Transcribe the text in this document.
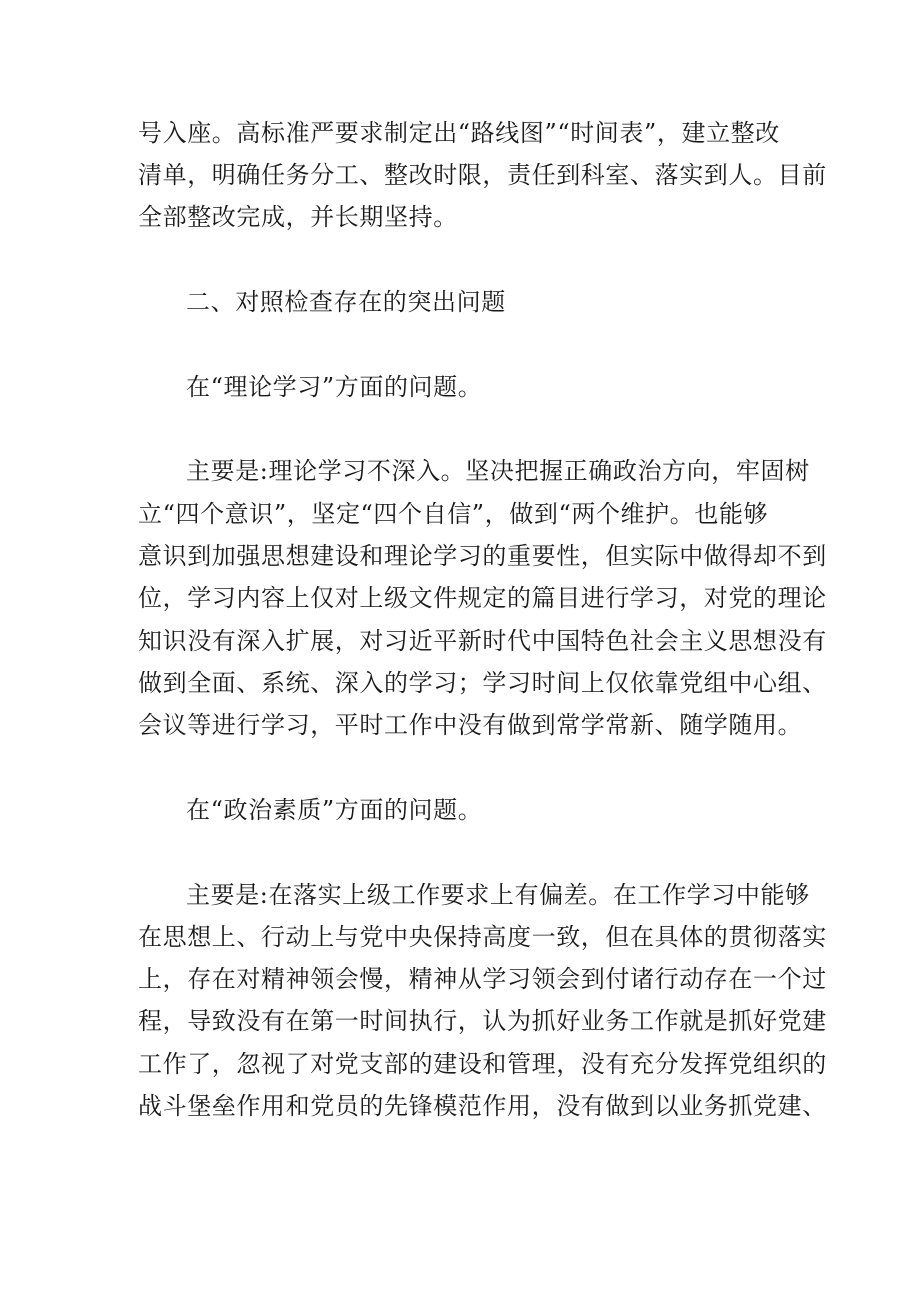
号入座。高标准严要求制定出“路线图”“时间表”，建立整改
清单，明确任务分工、整改时限，责任到科室、落实到人。目前
全部整改完成，并长期坚持。
二、对照检查存在的突出问题
在“理论学习”方面的问题。
主要是:理论学习不深入。坚决把握正确政治方向，牢固树
立“四个意识”，坚定“四个自信”，做到“两个维护。也能够
意识到加强思想建设和理论学习的重要性，但实际中做得却不到
位，学习内容上仅对上级文件规定的篇目进行学习，对党的理论
知识没有深入扩展，对习近平新时代中国特色社会主义思想没有
做到全面、系统、深入的学习；学习时间上仅依靠党组中心组、
会议等进行学习，平时工作中没有做到常学常新、随学随用。
在“政治素质”方面的问题。
主要是:在落实上级工作要求上有偏差。在工作学习中能够
在思想上、行动上与党中央保持高度一致，但在具体的贯彻落实
上，存在对精神领会慢，精神从学习领会到付诸行动存在一个过
程，导致没有在第一时间执行，认为抓好业务工作就是抓好党建
工作了，忽视了对党支部的建设和管理，没有充分发挥党组织的
战斗堡垒作用和党员的先锋模范作用，没有做到以业务抓党建、
